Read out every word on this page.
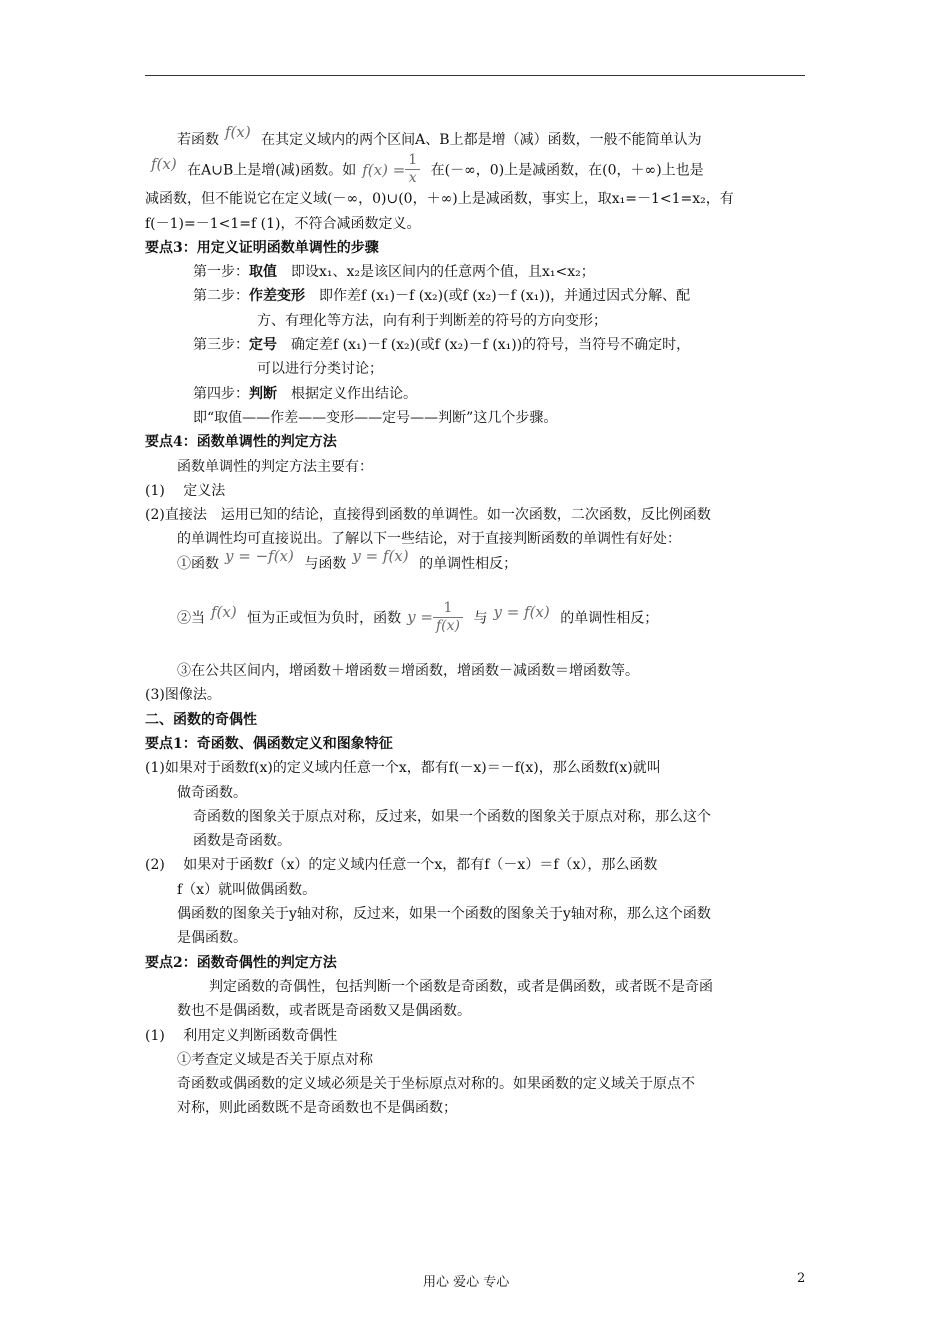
若函数 f(x) 在其定义域内的两个区间A、B上都是增（减）函数，一般不能简单认为
f(x) 在A∪B上是增(减)函数。如 $f(x) = \frac{1}{x}$ 在(－∞，0)上是减函数，在(0，＋∞)上也是
减函数，但不能说它在定义域(－∞，0)∪(0，＋∞)上是减函数，事实上，取x₁=－1<1=x₂，有
f(－1)=－1<1=f (1)，不符合减函数定义。
要点3：用定义证明函数单调性的步骤
第一步：取值　即设x₁、x₂是该区间内的任意两个值，且x₁<x₂；
第二步：作差变形　即作差f (x₁)－f (x₂)(或f (x₂)－f (x₁))，并通过因式分解、配
方、有理化等方法，向有利于判断差的符号的方向变形；
第三步：定号　确定差f (x₁)－f (x₂)(或f (x₂)－f (x₁))的符号，当符号不确定时，
可以进行分类讨论；
第四步：判断　根据定义作出结论。
即“取值——作差——变形——定号——判断”这几个步骤。
要点4：函数单调性的判定方法
函数单调性的判定方法主要有：
(1)　 定义法
(2)直接法　运用已知的结论，直接得到函数的单调性。如一次函数，二次函数，反比例函数
的单调性均可直接说出。了解以下一些结论，对于直接判断函数的单调性有好处：
①函数 y = −f(x) 与函数 y = f(x) 的单调性相反；
②当 f(x) 恒为正或恒为负时，函数 $y = \frac{1}{f(x)}$ 与 y = f(x) 的单调性相反；
③在公共区间内，增函数＋增函数＝增函数，增函数－减函数＝增函数等。
(3)图像法。
二、函数的奇偶性
要点1：奇函数、偶函数定义和图象特征
(1)如果对于函数f(x)的定义域内任意一个x，都有f(－x)＝－f(x)，那么函数f(x)就叫
做奇函数。
奇函数的图象关于原点对称，反过来，如果一个函数的图象关于原点对称，那么这个
函数是奇函数。
(2)　 如果对于函数f（x）的定义域内任意一个x，都有f（－x）＝f（x），那么函数
f（x）就叫做偶函数。
偶函数的图象关于y轴对称，反过来，如果一个函数的图象关于y轴对称，那么这个函数
是偶函数。
要点2：函数奇偶性的判定方法
判定函数的奇偶性，包括判断一个函数是奇函数，或者是偶函数，或者既不是奇函
数也不是偶函数，或者既是奇函数又是偶函数。
(1)　 利用定义判断函数奇偶性
①考查定义域是否关于原点对称
奇函数或偶函数的定义域必须是关于坐标原点对称的。如果函数的定义域关于原点不
对称，则此函数既不是奇函数也不是偶函数；
用心 爱心 专心	2
